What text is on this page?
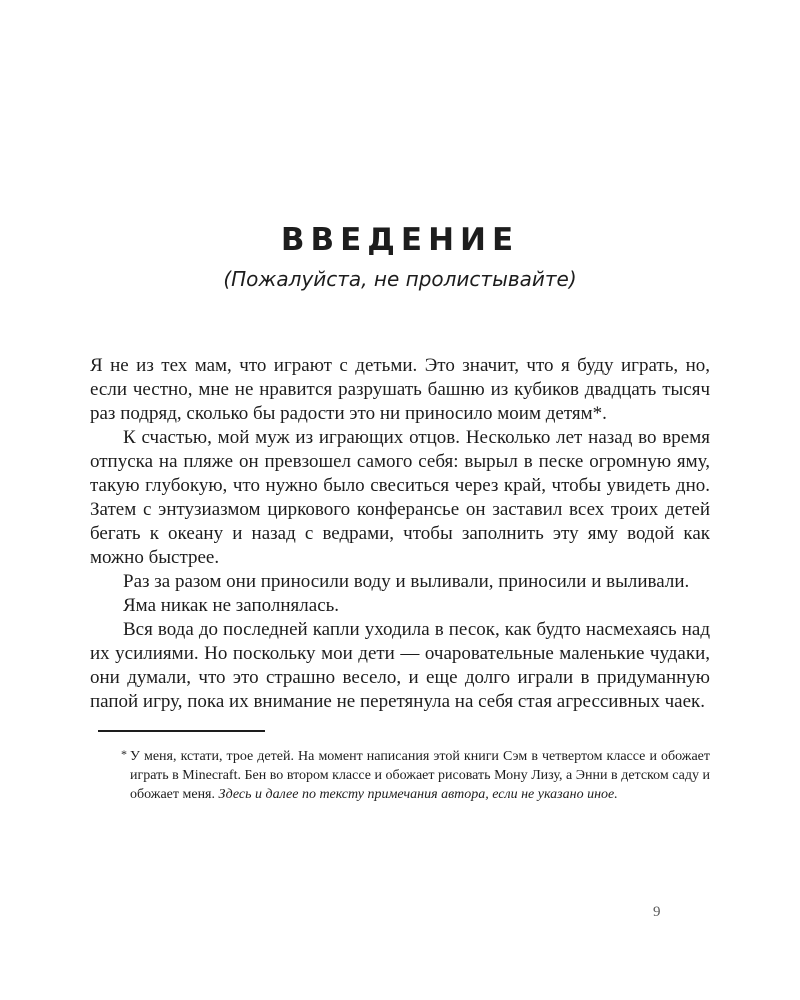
ВВЕДЕНИЕ
(Пожалуйста, не пролистывайте)

Я не из тех мам, что играют с детьми. Это значит, что я буду играть, но, если честно, мне не нравится разрушать башню из кубиков двадцать тысяч раз подряд, сколько бы радости это ни приносило моим детям*.

К счастью, мой муж из играющих отцов. Несколько лет назад во время отпуска на пляже он превзошел самого себя: вырыл в песке огромную яму, такую глубокую, что нужно было свеситься через край, чтобы увидеть дно. Затем с энтузиазмом циркового конферансье он заставил всех троих детей бегать к океану и назад с ведрами, чтобы заполнить эту яму водой как можно быстрее.

Раз за разом они приносили воду и выливали, приносили и выливали.

Яма никак не заполнялась.

Вся вода до последней капли уходила в песок, как будто насмехаясь над их усилиями. Но поскольку мои дети — очаровательные маленькие чудаки, они думали, что это страшно весело, и еще долго играли в придуманную папой игру, пока их внимание не перетянула на себя стая агрессивных чаек.

* У меня, кстати, трое детей. На момент написания этой книги Сэм в четвертом классе и обожает играть в Minecraft. Бен во втором классе и обожает рисовать Мону Лизу, а Энни в детском саду и обожает меня. Здесь и далее по тексту примечания автора, если не указано иное.
9
